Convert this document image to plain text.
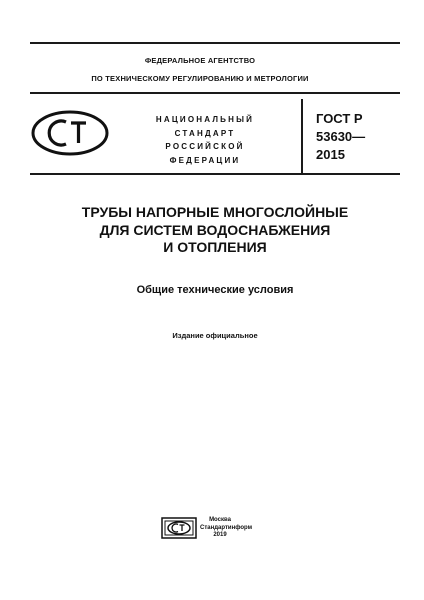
ФЕДЕРАЛЬНОЕ АГЕНТСТВО
ПО ТЕХНИЧЕСКОМУ РЕГУЛИРОВАНИЮ И МЕТРОЛОГИИ
НАЦИОНАЛЬНЫЙ
СТАНДАРТ
РОССИЙСКОЙ
ФЕДЕРАЦИИ
ГОСТ Р
53630—
2015
ТРУБЫ НАПОРНЫЕ МНОГОСЛОЙНЫЕ
ДЛЯ СИСТЕМ ВОДОСНАБЖЕНИЯ
И ОТОПЛЕНИЯ
Общие технические условия
Издание официальное
Москва
Стандартинформ
2019
